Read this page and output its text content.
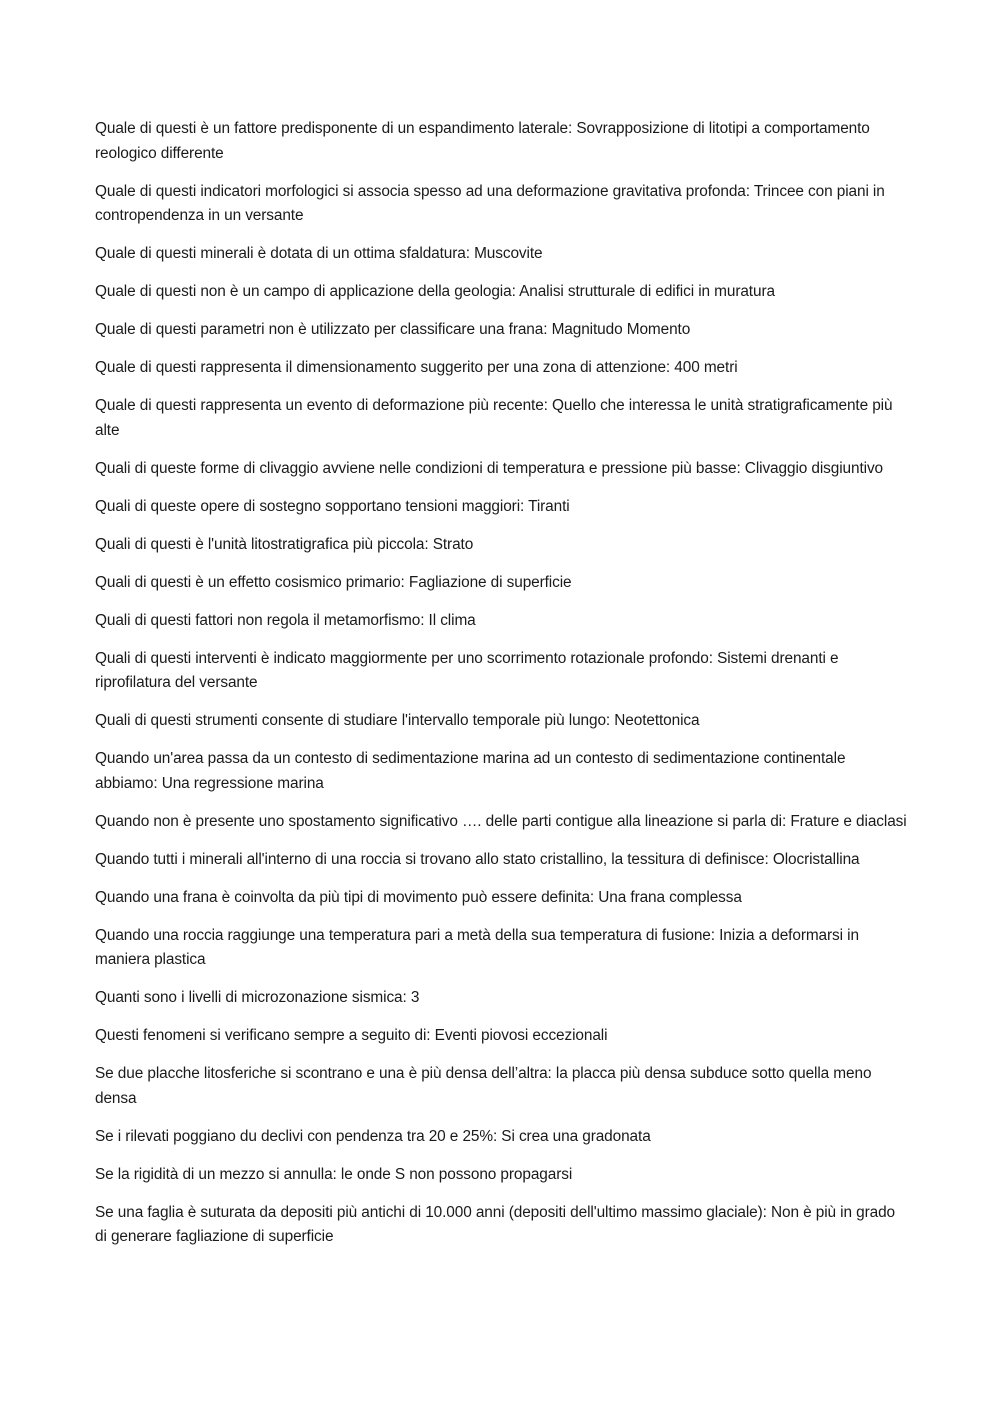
Quale di questi è un fattore predisponente di un espandimento laterale: Sovrapposizione di litotipi a comportamento reologico differente

Quale di questi indicatori morfologici si associa spesso ad una deformazione gravitativa profonda: Trincee con piani in contropendenza in un versante

Quale di questi minerali è dotata di un ottima sfaldatura: Muscovite

Quale di questi non è un campo di applicazione della geologia: Analisi strutturale di edifici in muratura

Quale di questi parametri non è utilizzato per classificare una frana: Magnitudo Momento

Quale di questi rappresenta il dimensionamento suggerito per una zona di attenzione: 400 metri

Quale di questi rappresenta un evento di deformazione più recente: Quello che interessa le unità stratigraficamente più alte

Quali di queste forme di clivaggio avviene nelle condizioni di temperatura e pressione più basse: Clivaggio disgiuntivo

Quali di queste opere di sostegno sopportano tensioni maggiori: Tiranti

Quali di questi è l'unità litostratigrafica più piccola: Strato

Quali di questi è un effetto cosismico primario: Fagliazione di superficie

Quali di questi fattori non regola il metamorfismo: Il clima

Quali di questi interventi è indicato maggiormente per uno scorrimento rotazionale profondo: Sistemi drenanti e riprofilatura del versante

Quali di questi strumenti consente di studiare l'intervallo temporale più lungo: Neotettonica

Quando un'area passa da un contesto di sedimentazione marina ad un contesto di sedimentazione continentale abbiamo: Una regressione marina

Quando non è presente uno spostamento significativo …. delle parti contigue alla lineazione si parla di: Frature e diaclasi

Quando tutti i minerali all'interno di una roccia si trovano allo stato cristallino, la tessitura di definisce: Olocristallina

Quando una frana è coinvolta da più tipi di movimento può essere definita: Una frana complessa

Quando una roccia raggiunge una temperatura pari a metà della sua temperatura di fusione: Inizia a deformarsi in maniera plastica

Quanti sono i livelli di microzonazione sismica: 3

Questi fenomeni si verificano sempre a seguito di: Eventi piovosi eccezionali

Se due placche litosferiche si scontrano e una è più densa dell’altra: la placca più densa subduce sotto quella meno densa

Se i rilevati poggiano du declivi con pendenza tra 20 e 25%: Si crea una gradonata

Se la rigidità di un mezzo si annulla: le onde S non possono propagarsi

Se una faglia è suturata da depositi più antichi di 10.000 anni (depositi dell'ultimo massimo glaciale): Non è più in grado di generare fagliazione di superficie
